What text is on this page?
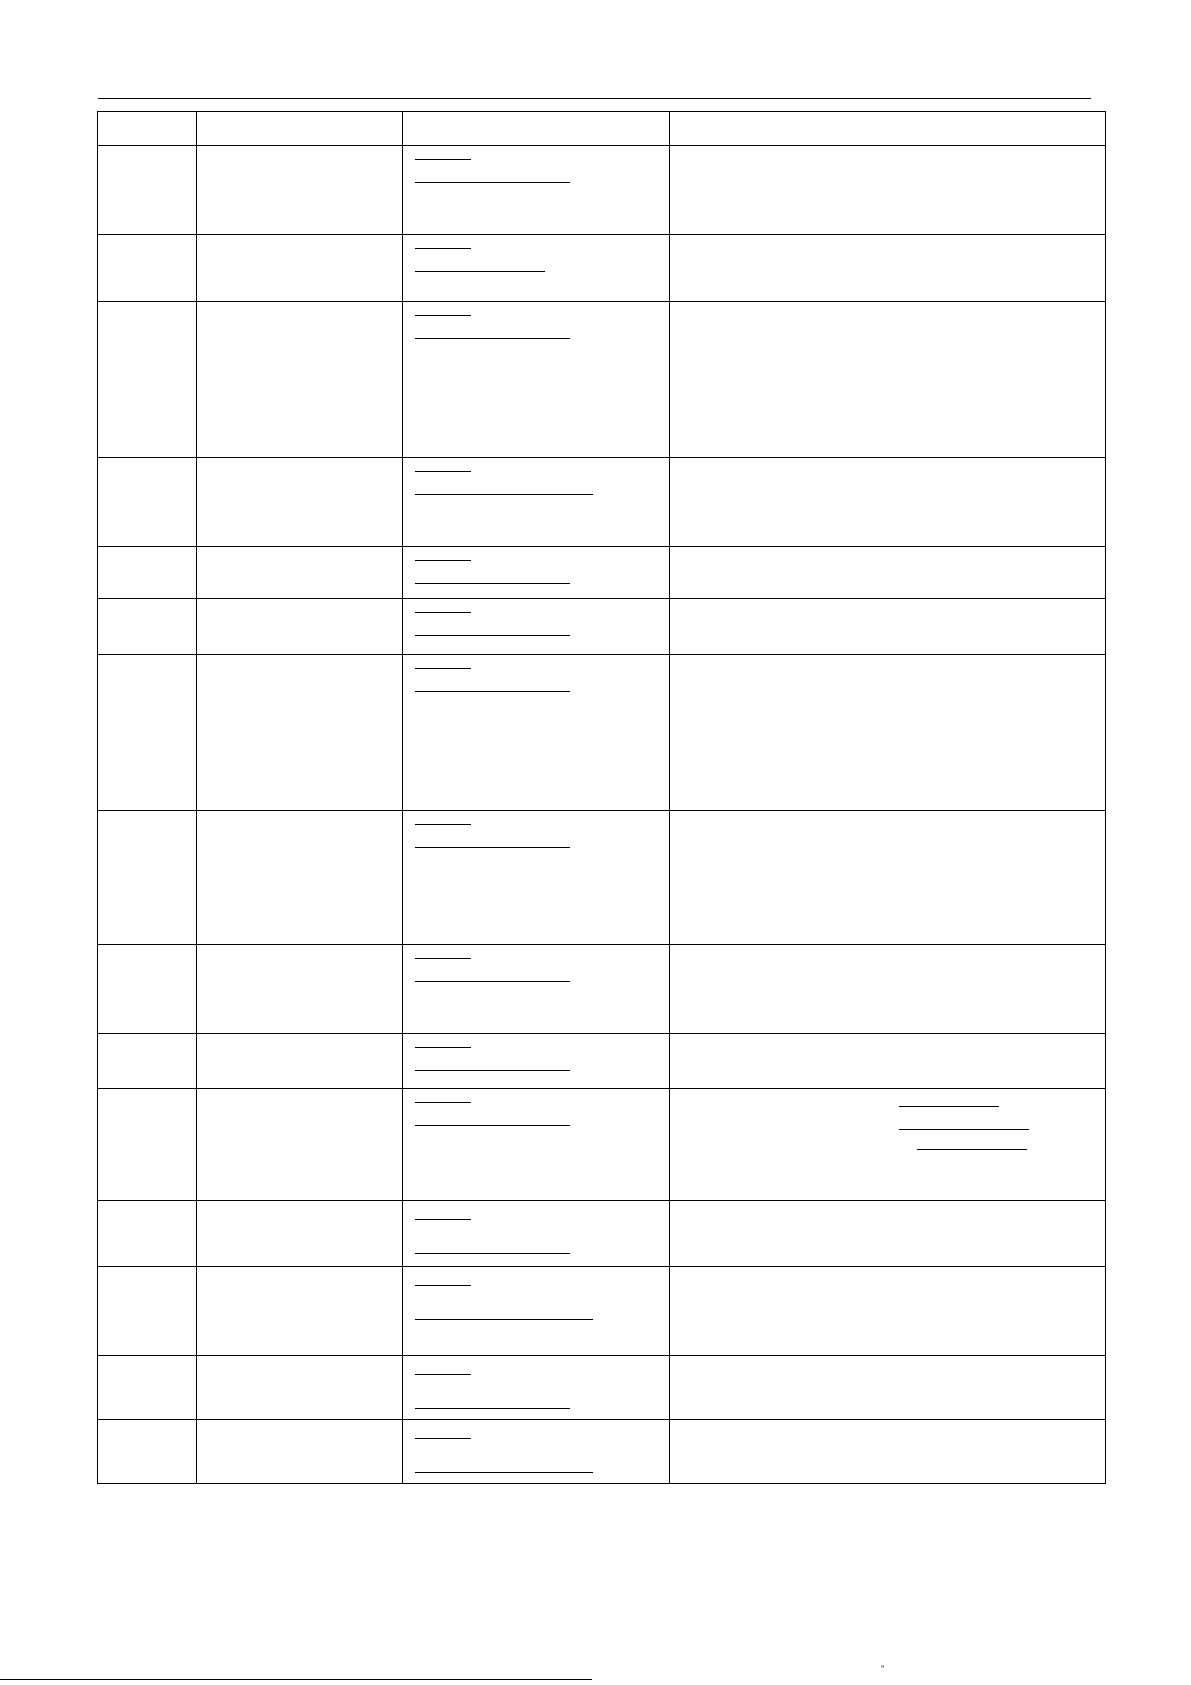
”
